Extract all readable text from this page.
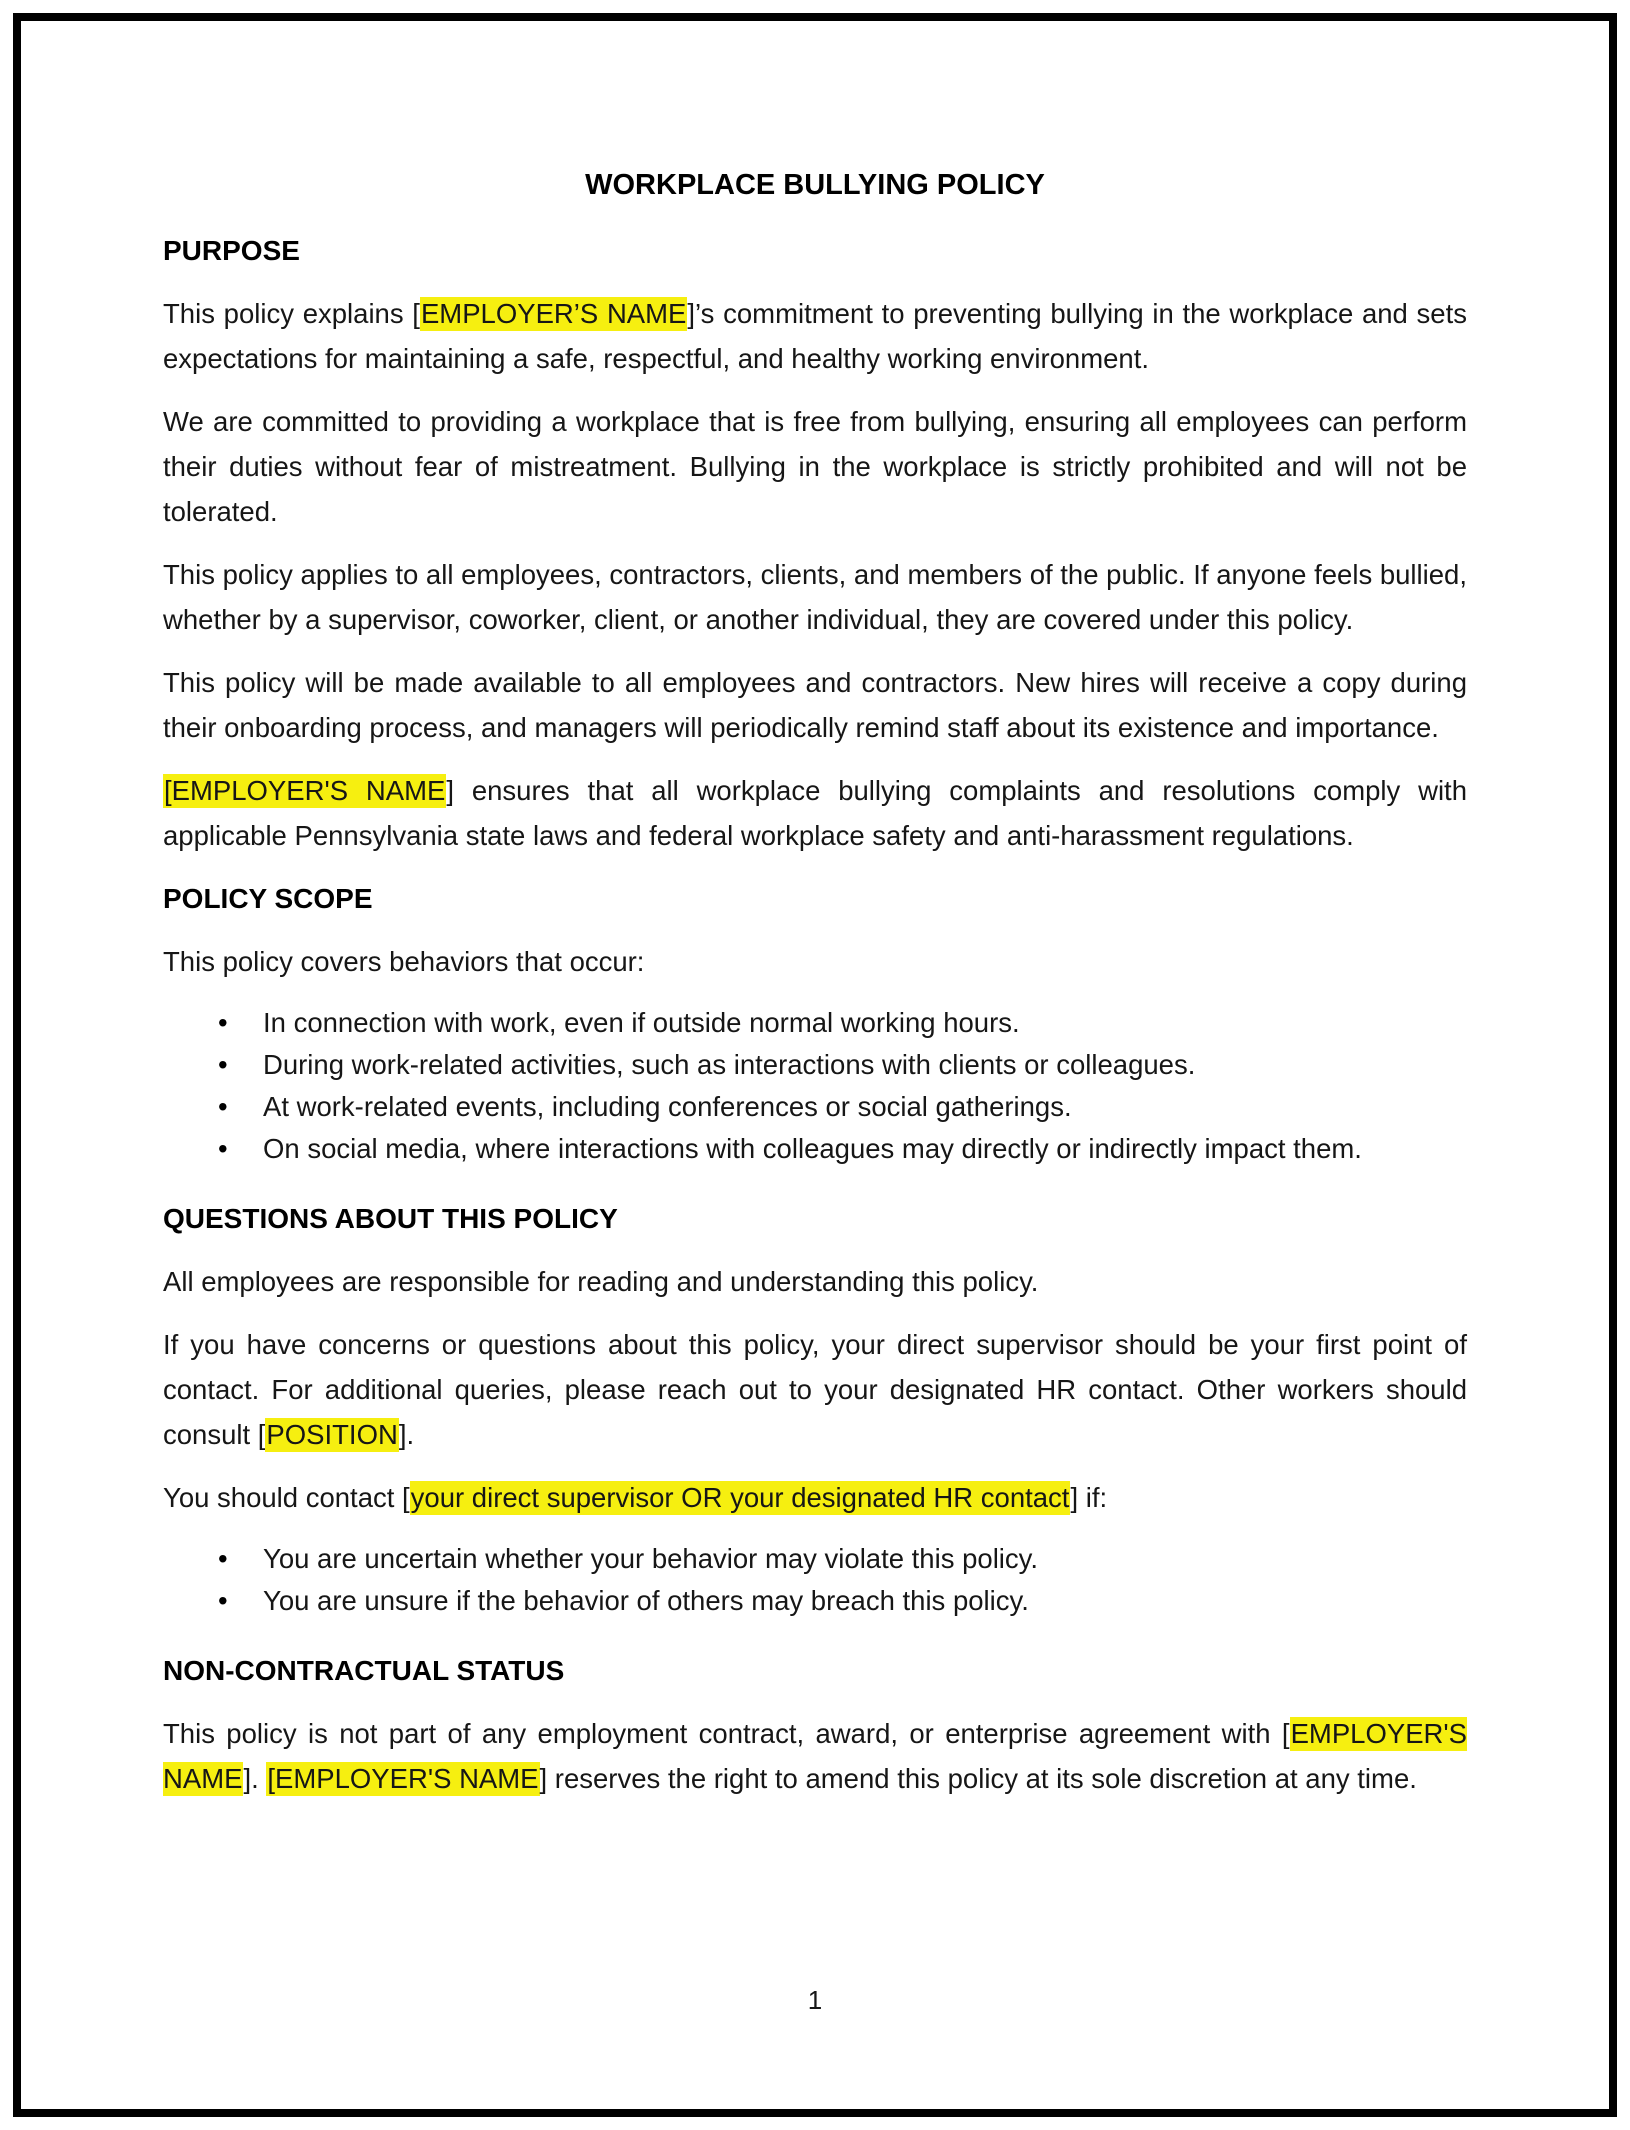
WORKPLACE BULLYING POLICY
PURPOSE

This policy explains [EMPLOYER’S NAME]’s commitment to preventing bullying in the workplace and sets expectations for maintaining a safe, respectful, and healthy working environment.

We are committed to providing a workplace that is free from bullying, ensuring all employees can perform their duties without fear of mistreatment. Bullying in the workplace is strictly prohibited and will not be tolerated.

This policy applies to all employees, contractors, clients, and members of the public. If anyone feels bullied, whether by a supervisor, coworker, client, or another individual, they are covered under this policy.

This policy will be made available to all employees and contractors. New hires will receive a copy during their onboarding process, and managers will periodically remind staff about its existence and importance.

[EMPLOYER'S NAME] ensures that all workplace bullying complaints and resolutions comply with applicable Pennsylvania state laws and federal workplace safety and anti-harassment regulations.

POLICY SCOPE

This policy covers behaviors that occur:

• In connection with work, even if outside normal working hours.
• During work-related activities, such as interactions with clients or colleagues.
• At work-related events, including conferences or social gatherings.
• On social media, where interactions with colleagues may directly or indirectly impact them.
QUESTIONS ABOUT THIS POLICY

All employees are responsible for reading and understanding this policy.

If you have concerns or questions about this policy, your direct supervisor should be your first point of contact. For additional queries, please reach out to your designated HR contact. Other workers should consult [POSITION].

You should contact [your direct supervisor OR your designated HR contact] if:

• You are uncertain whether your behavior may violate this policy.
• You are unsure if the behavior of others may breach this policy.
NON-CONTRACTUAL STATUS

This policy is not part of any employment contract, award, or enterprise agreement with [EMPLOYER'S NAME]. [EMPLOYER'S NAME] reserves the right to amend this policy at its sole discretion at any time.

1
